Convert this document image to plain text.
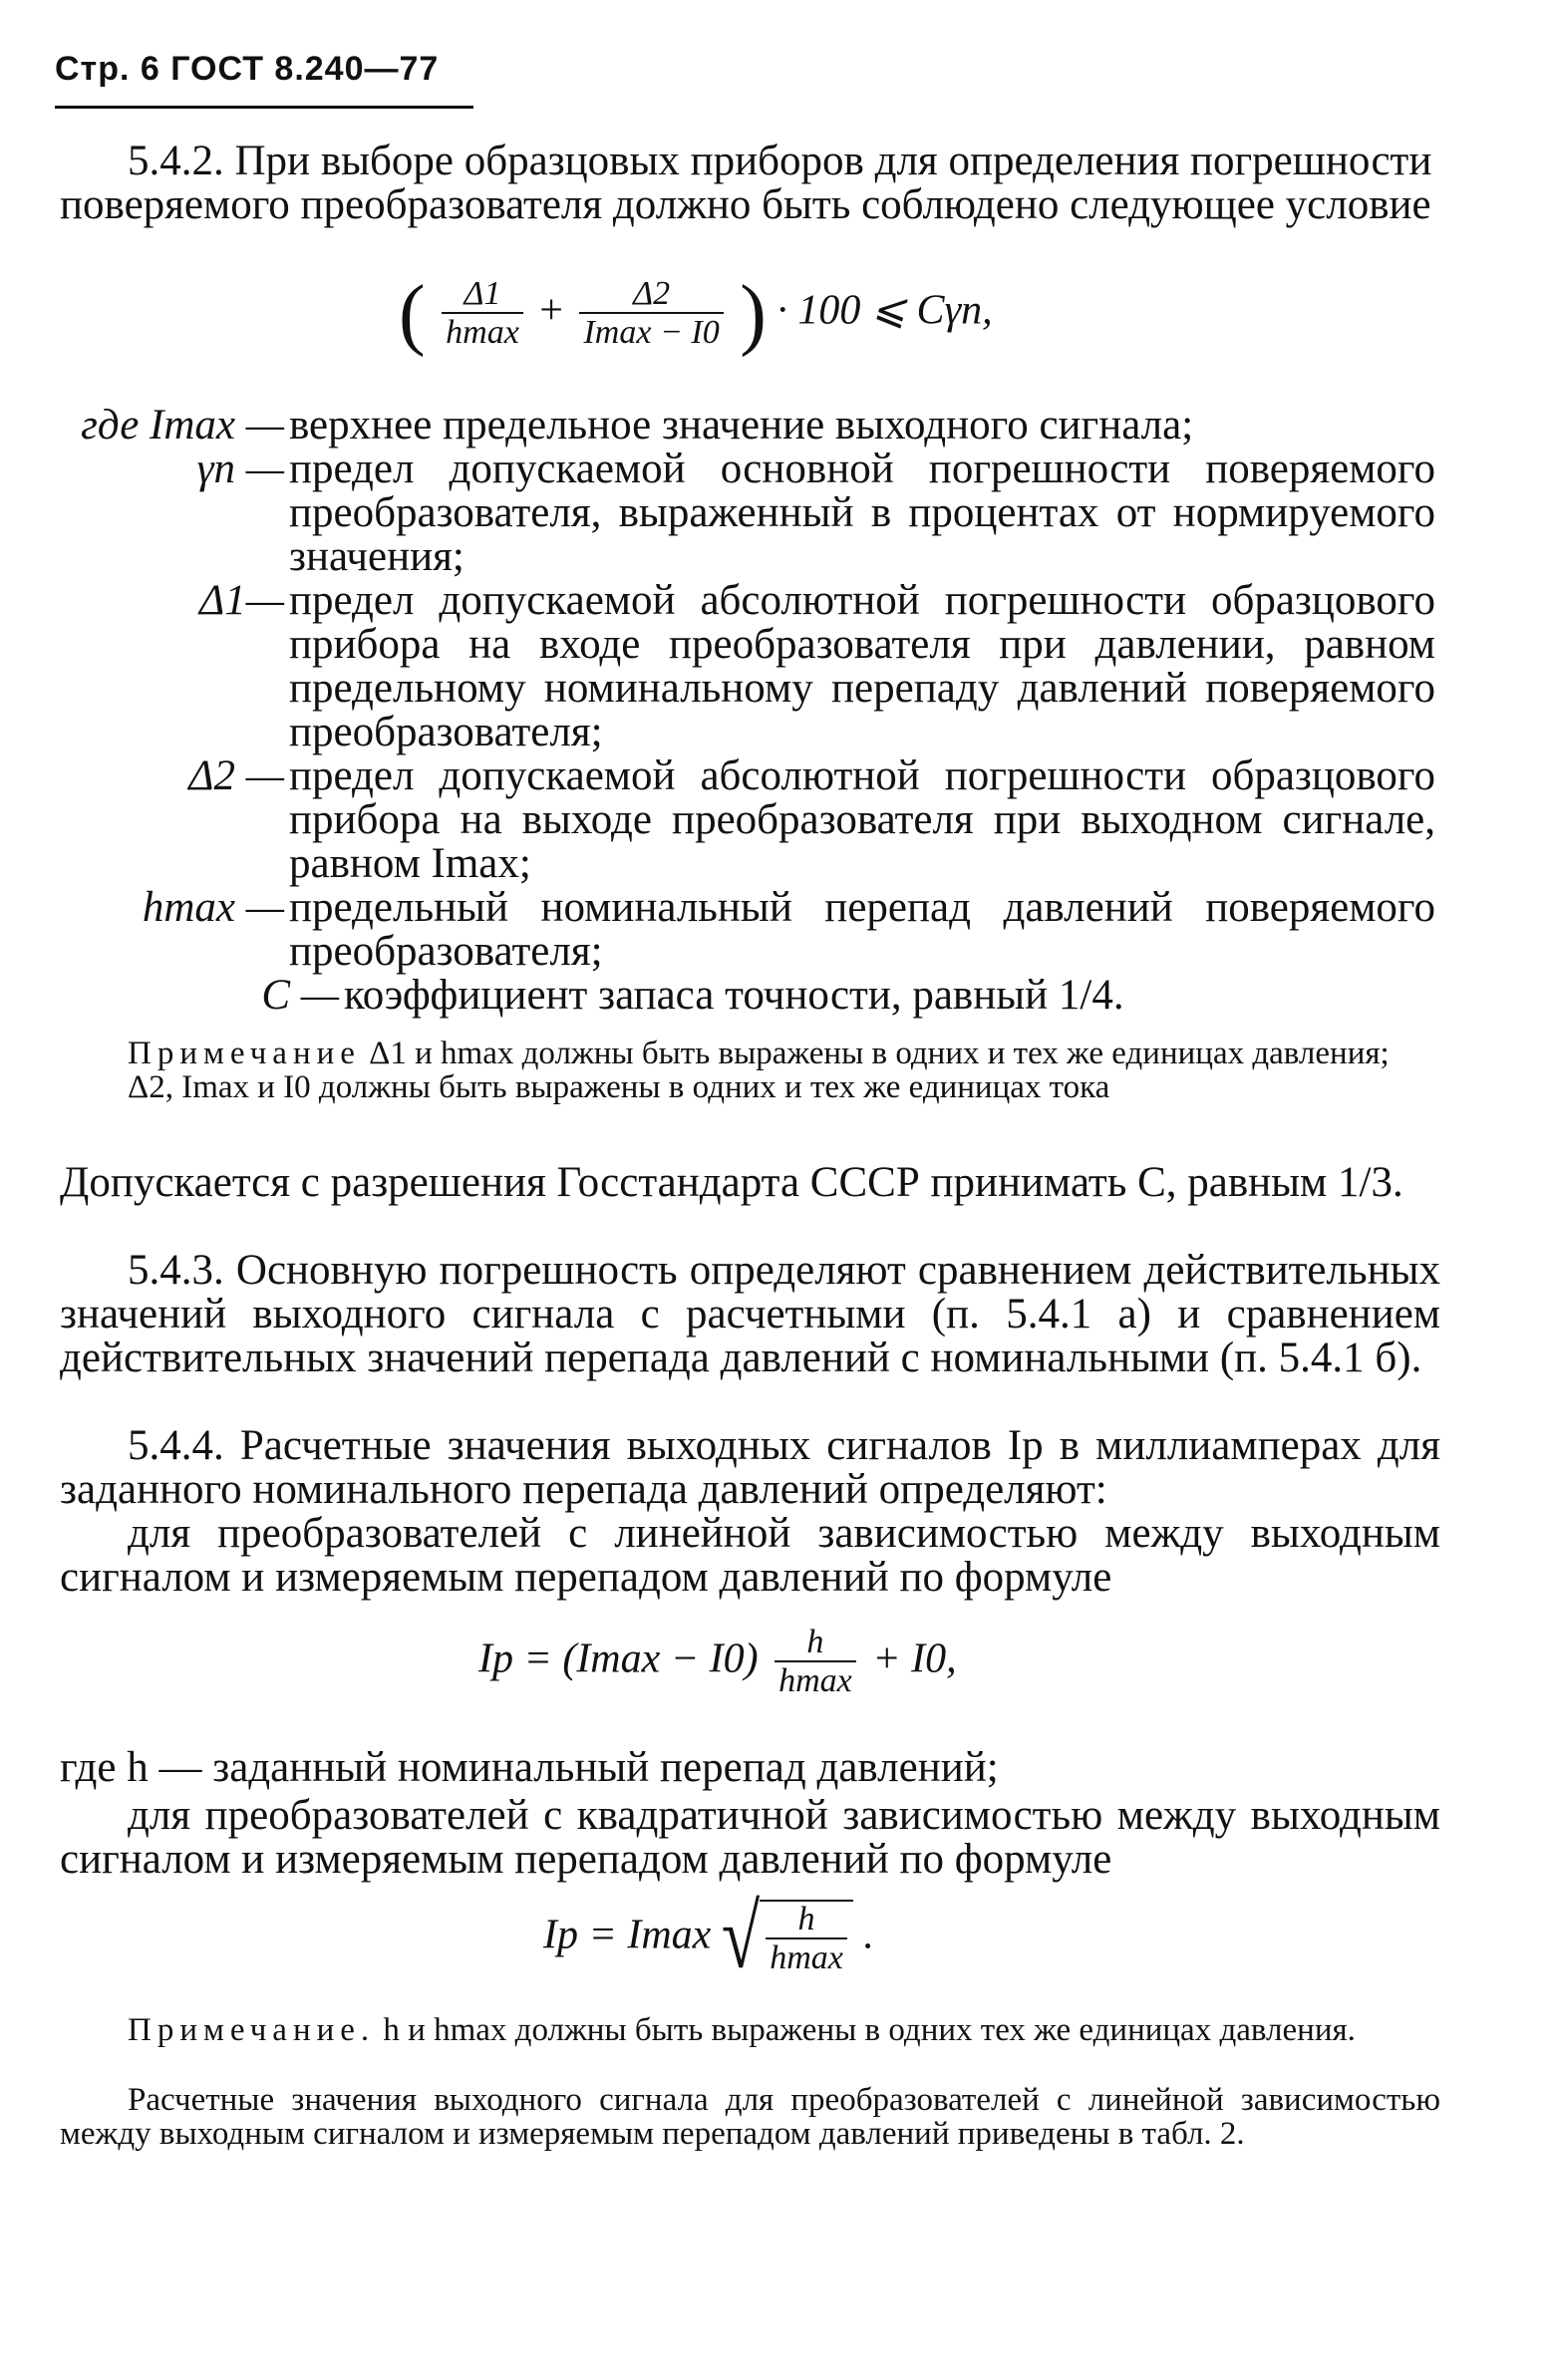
Стр. 6 ГОСТ 8.240—77
5.4.2. При выборе образцовых приборов для определения погрешности поверяемого преобразователя должно быть соблюдено следующее условие
( $\frac{\Delta 1}{hmax} + \frac{\Delta 2}{Imax - I0}$ ) · 100 ⩽ Cγn,
где Imax — верхнее предельное значение выходного сигнала;
γn — предел допускаемой основной погрешности поверяемого преобразователя, выраженный в процентах от нормируемого значения;
Δ1— предел допускаемой абсолютной погрешности образцового прибора на входе преобразователя при давлении, равном предельному номинальному перепаду давлений поверяемого преобразователя;
Δ2 — предел допускаемой абсолютной погрешности образцового прибора на выходе преобразователя при выходном сигнале, равном Imax;
hmax — предельный номинальный перепад давлений поверяемого преобразователя;
C — коэффициент запаса точности, равный 1/4.
Примечание Δ1 и hmax должны быть выражены в одних и тех же единицах давления;
Δ2, Imax и I0 должны быть выражены в одних и тех же единицах тока
Допускается с разрешения Госстандарта СССР принимать C, равным 1/3.
5.4.3. Основную погрешность определяют сравнением действительных значений выходного сигнала с расчетными (п. 5.4.1 а) и сравнением действительных значений перепада давлений с номинальными (п. 5.4.1 б).
5.4.4. Расчетные значения выходных сигналов Iр в миллиамперах для заданного номинального перепада давлений определяют:
для преобразователей с линейной зависимостью между выходным сигналом и измеряемым перепадом давлений по формуле
Iр = $(Imax - I0) \frac{h}{hmax} + I0$,
где h — заданный номинальный перепад давлений;
для преобразователей с квадратичной зависимостью между выходным сигналом и измеряемым перепадом давлений по формуле
Iр = Imax √ $\frac{h}{hmax}$ .
Примечание. h и hmax должны быть выражены в одних тех же единицах давления.
Расчетные значения выходного сигнала для преобразователей с линейной зависимостью между выходным сигналом и измеряемым перепадом давлений приведены в табл. 2.
